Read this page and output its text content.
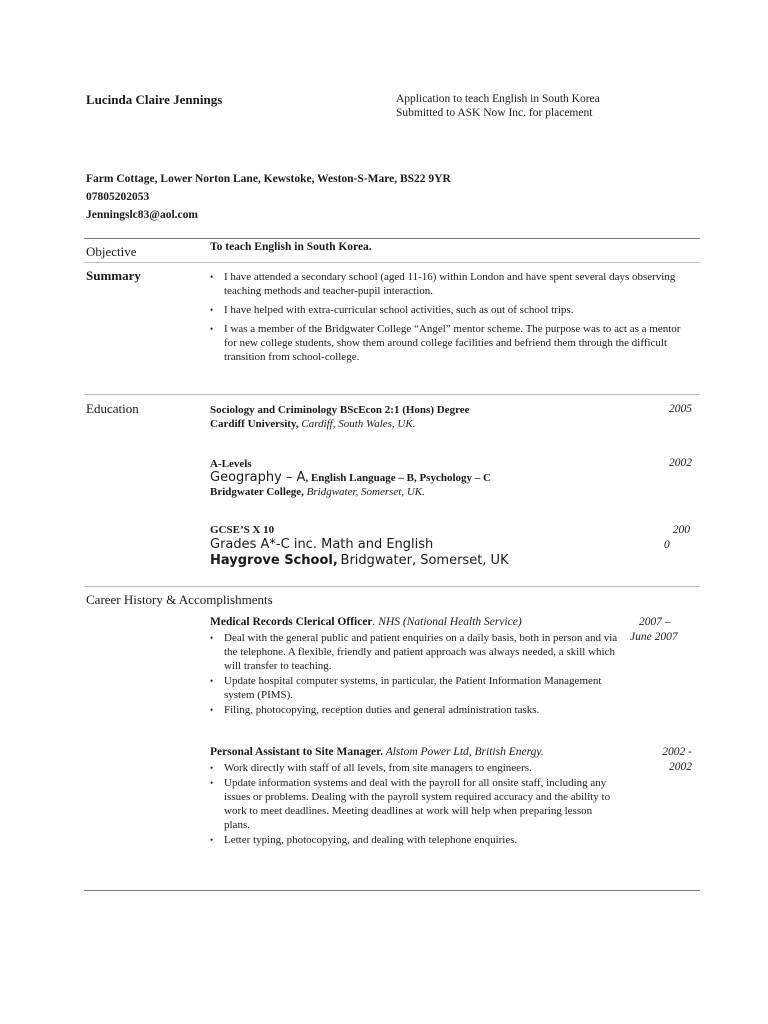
Lucinda Claire Jennings	Application to teach English in South Korea
Submitted to ASK Now Inc. for placement
Farm Cottage, Lower Norton Lane, Kewstoke, Weston-S-Mare, BS22 9YR
07805202053
Jenningslc83@aol.com
Objective	To teach English in South Korea.
Summary
•	I have attended a secondary school (aged 11-16) within London and have spent several days observing teaching methods and teacher-pupil interaction.
• I have helped with extra-curricular school activities, such as out of school trips.
• I was a member of the Bridgwater College “Angel” mentor scheme. The purpose was to act as a mentor for new college students, show them around college facilities and befriend them through the difficult transition from school-college.
Education	Sociology and Criminology BScEcon 2:1 (Hons) Degree
Cardiff University, Cardiff, South Wales, UK.
2005
A-Levels
Geography – A, English Language – B, Psychology – C
Bridgwater College, Bridgwater, Somerset, UK.
2002
GCSE’S X 10
Grades A*-C inc. Math and English
Haygrove School, Bridgwater, Somerset, UK
200
0
Career History & Accomplishments
Medical Records Clerical Officer. NHS (National Health Service)
• Deal with the general public and patient enquiries on a daily basis, both in person and via the telephone. A flexible, friendly and patient approach was always needed, a skill which will transfer to teaching.
• Update hospital computer systems, in particular, the Patient Information Management system (PIMS).
• Filing, photocopying, reception duties and general administration tasks.
2007 –
June 2007
Personal Assistant to Site Manager. Alstom Power Ltd, British Energy.
• Work directly with staff of all levels, from site managers to engineers.
• Update information systems and deal with the payroll for all onsite staff, including any issues or problems. Dealing with the payroll system required accuracy and the ability to work to meet deadlines. Meeting deadlines at work will help when preparing lesson plans.
• Letter typing, photocopying, and dealing with telephone enquiries.
2002 -
2002
